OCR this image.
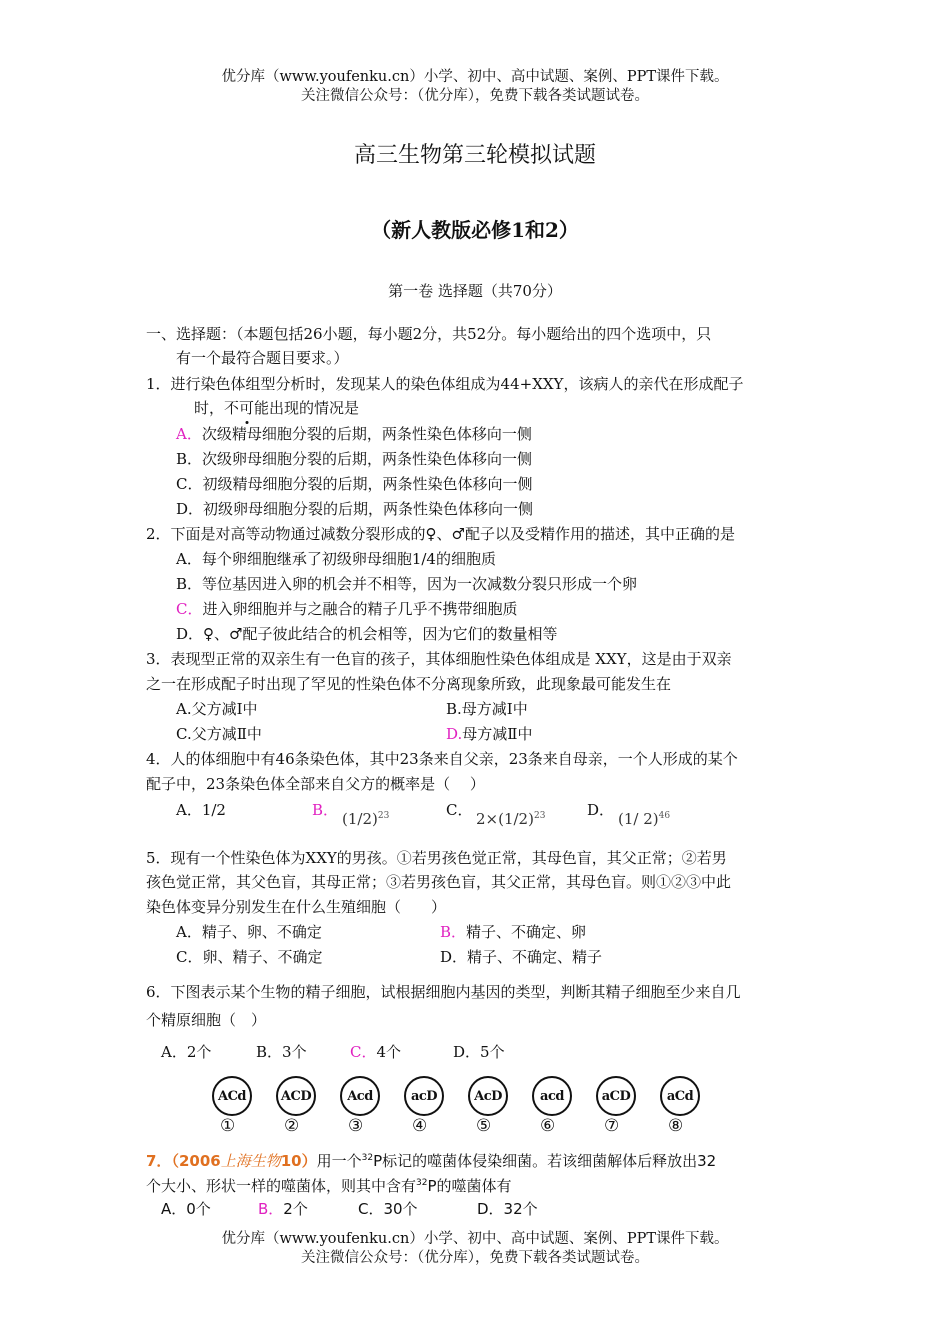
优分库（www.youfenku.cn）小学、初中、高中试题、案例、PPT课件下载。
关注微信公众号：（优分库），免费下载各类试题试卷。
高三生物第三轮模拟试题
（新人教版必修1和2）
第一卷 选择题（共70分）
一、选择题：（本题包括26小题，每小题2分，共52分。每小题给出的四个选项中，只
有一个最符合题目要求。）
1．进行染色体组型分析时，发现某人的染色体组成为44+XXY，该病人的亲代在形成配子
时，不可能出现的情况是
A．次级精母细胞分裂的后期，两条性染色体移向一侧
B．次级卵母细胞分裂的后期，两条性染色体移向一侧
C．初级精母细胞分裂的后期，两条性染色体移向一侧
D．初级卵母细胞分裂的后期，两条性染色体移向一侧
2．下面是对高等动物通过减数分裂形成的♀、♂配子以及受精作用的描述，其中正确的是
A．每个卵细胞继承了初级卵母细胞1/4的细胞质
B．等位基因进入卵的机会并不相等，因为一次减数分裂只形成一个卵
C．进入卵细胞并与之融合的精子几乎不携带细胞质
D．♀、♂配子彼此结合的机会相等，因为它们的数量相等
3．表现型正常的双亲生有一色盲的孩子，其体细胞性染色体组成是 XXY，这是由于双亲
之一在形成配子时出现了罕见的性染色体不分离现象所致，此现象最可能发生在
A.父方减Ⅰ中	B.母方减Ⅰ中
C.父方减Ⅱ中	D.母方减Ⅱ中
4．人的体细胞中有46条染色体，其中23条来自父亲，23条来自母亲，一个人形成的某个
配子中，23条染色体全部来自父方的概率是（　 ）
A．1/2	B． $(1/2)^{23}$	C． $2\times(1/2)^{23}$	D． (1/ 2)$^{46}$
5．现有一个性染色体为XXY的男孩。①若男孩色觉正常，其母色盲，其父正常；②若男
孩色觉正常，其父色盲，其母正常；③若男孩色盲，其父正常，其母色盲。则①②③中此
染色体变异分别发生在什么生殖细胞（　　）
A．精子、卵、不确定	B．精子、不确定、卵
C．卵、精子、不确定	D．精子、不确定、精子
6．下图表示某个生物的精子细胞，试根据细胞内基因的类型，判断其精子细胞至少来自几
个精原细胞（　）
A．2个	B．3个	C．4个	D．5个
ACd
①
ACD
②
Acd
③
acD
④
AcD
⑤
acd
⑥
aCD
⑦
aCd
⑧
7．（2006上海生物10）用一个$^{32}$P标记的噬菌体侵染细菌。若该细菌解体后释放出32
个大小、形状一样的噬菌体，则其中含有$^{32}$P的噬菌体有
A．0个	B．2个	C．30个	D．32个
优分库（www.youfenku.cn）小学、初中、高中试题、案例、PPT课件下载。
关注微信公众号：（优分库），免费下载各类试题试卷。
